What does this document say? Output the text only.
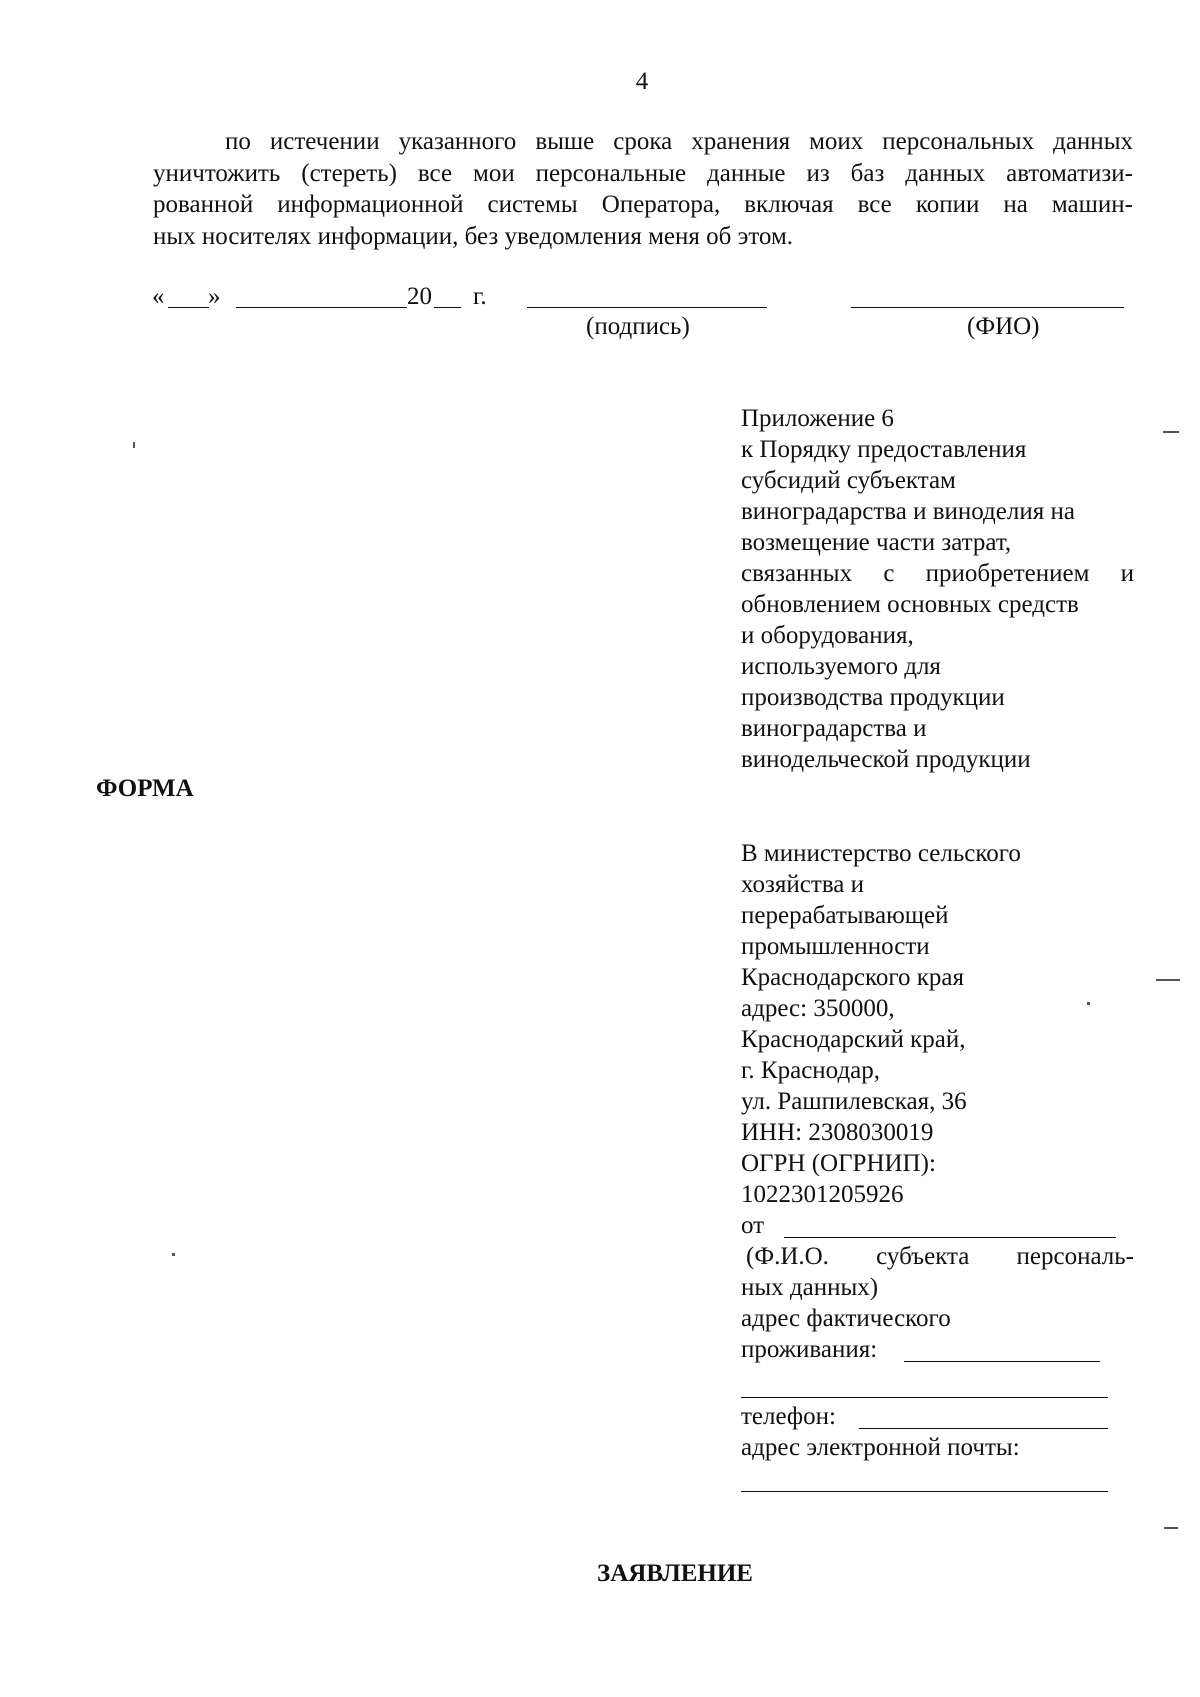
4

по истечении указанного выше срока хранения моих персональных данных
уничтожить (стереть) все мои персональные данные из баз данных автоматизи-
рованной информационной системы Оператора, включая все копии на машин-
ных носителях информации, без уведомления меня об этом.
« »	20 г.
(подпись)	(ФИО)
Приложение 6
к Порядку предоставления
субсидий субъектам
виноградарства и виноделия на
возмещение части затрат,
связанных с приобретением и
обновлением основных средств
и оборудования,
используемого для
производства продукции
виноградарства и
винодельческой продукции
ФОРМА
В министерство сельского
хозяйства и
перерабатывающей
промышленности
Краснодарского края
адрес: 350000,
Краснодарский край,
г. Краснодар,
ул. Рашпилевская, 36
ИНН: 2308030019
ОГРН (ОГРНИП):
1022301205926
от
(Ф.И.О. субъекта персональ-
ных данных)
адрес фактического
проживания:
телефон:
адрес электронной почты:
ЗАЯВЛЕНИЕ
